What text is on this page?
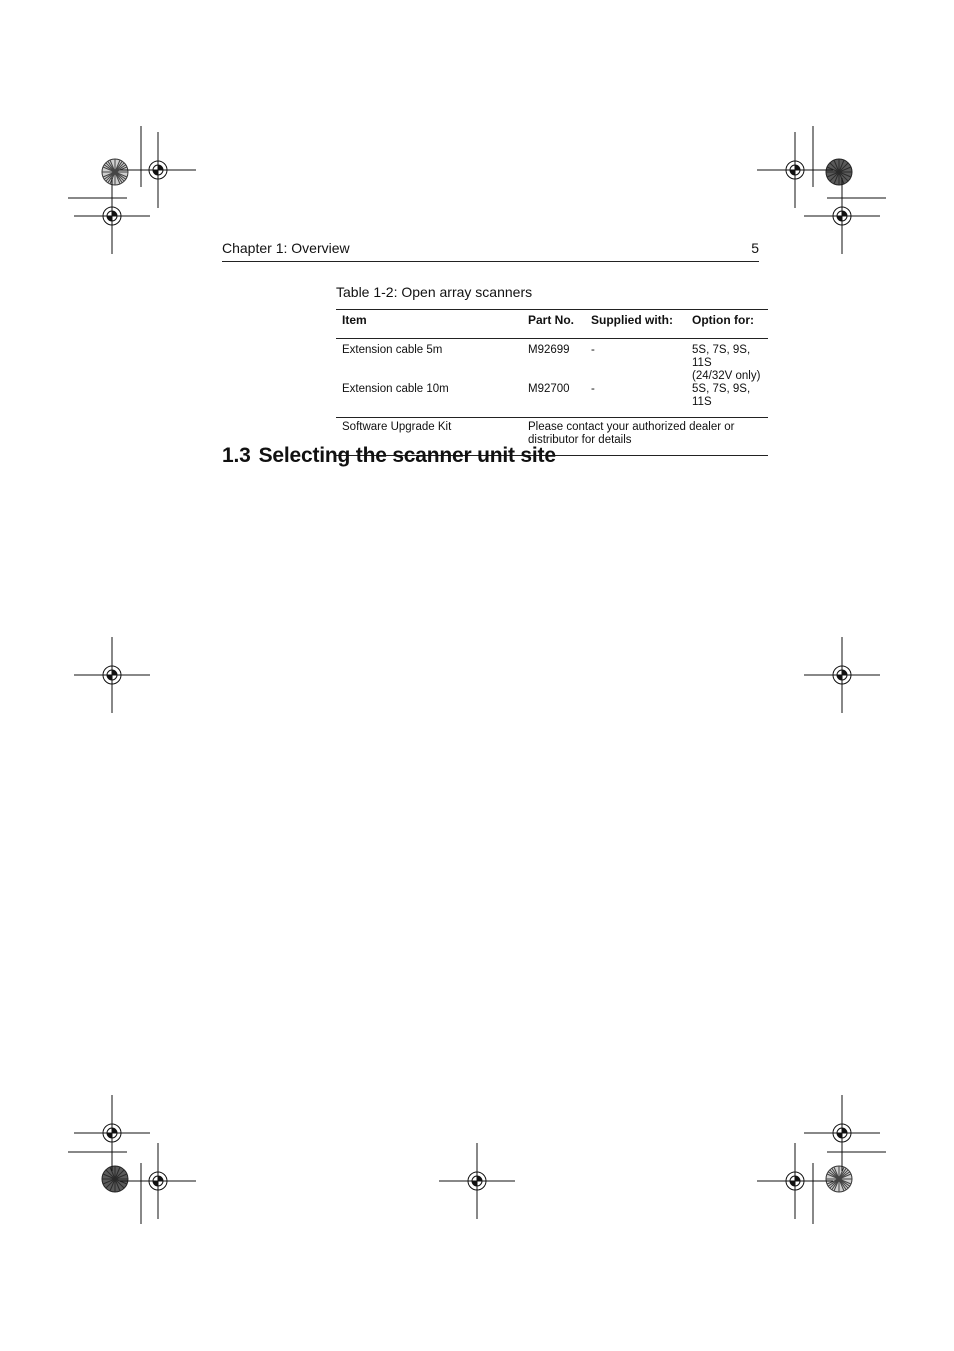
Chapter 1: Overview	5
Table 1-2: Open array scanners
Item	Part No.	Supplied with:	Option for:
Extension cable 5m	M92699	-	5S, 7S, 9S, 11S
(24/32V only)

Extension cable 10m	M92700	-	5S, 7S, 9S, 11S
Software Upgrade Kit	Please contact your authorized dealer or
distributor for details		
1.3 Selecting the scanner unit site
